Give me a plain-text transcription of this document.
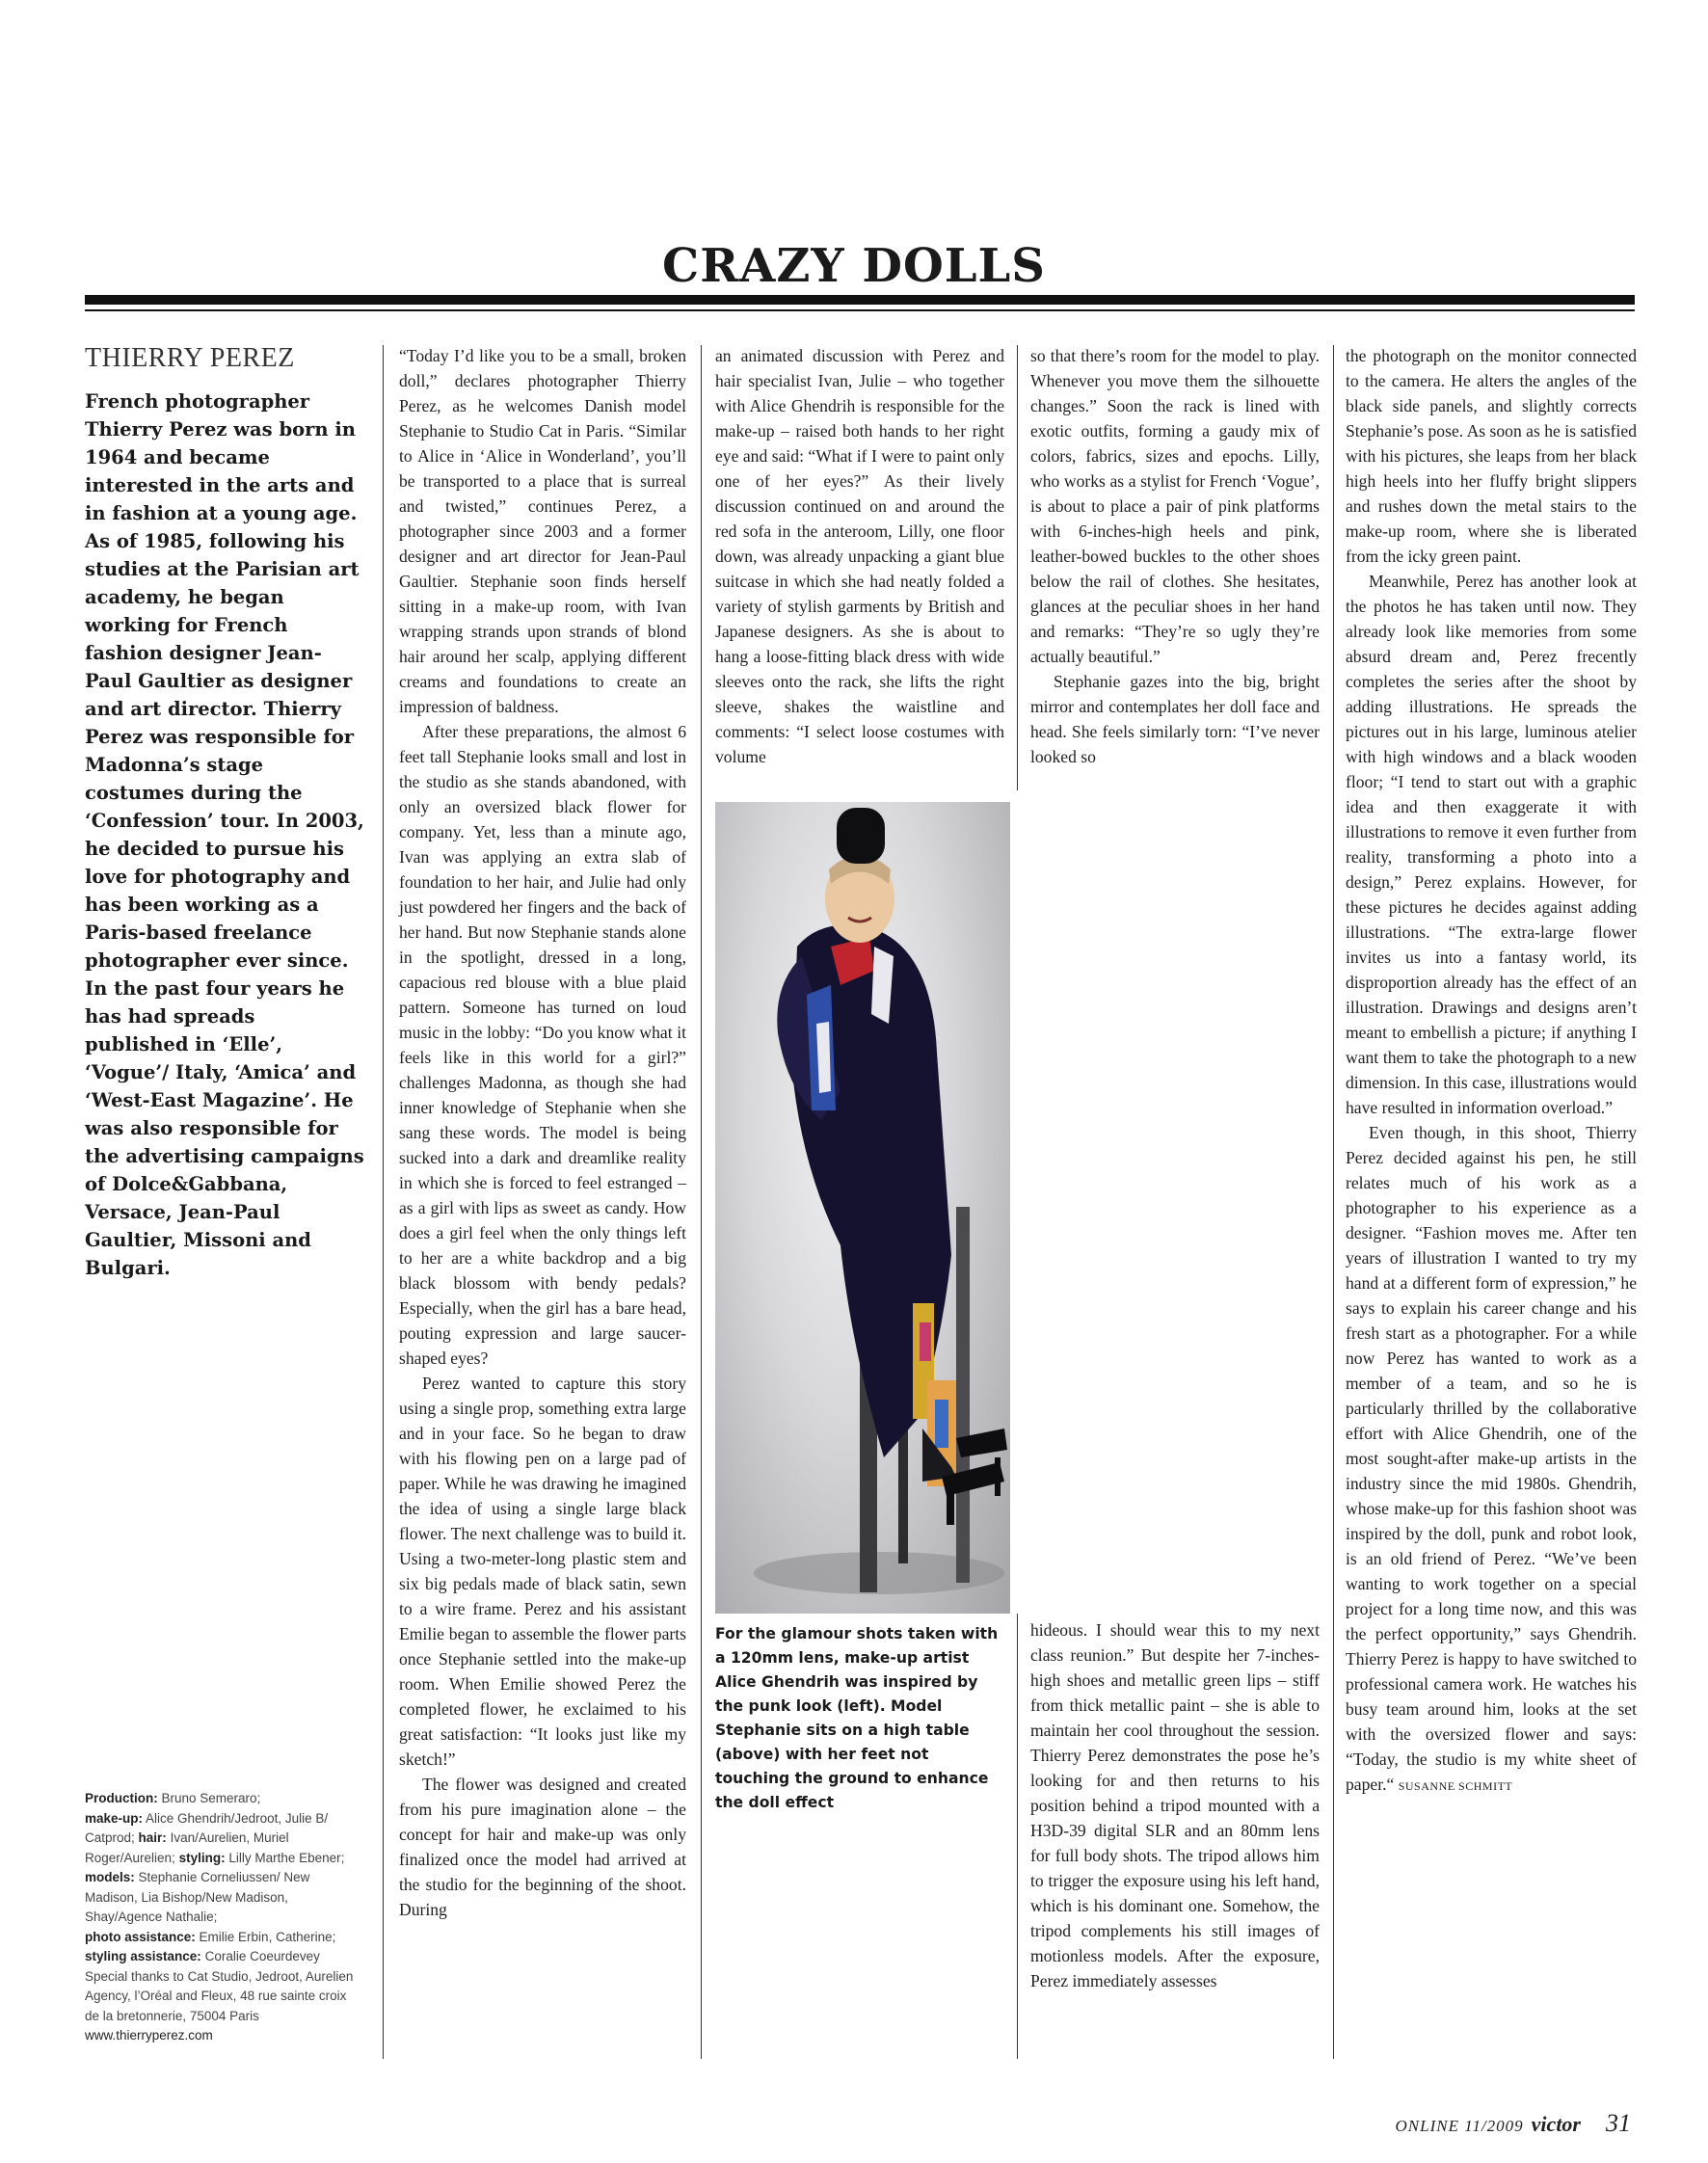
CRAZY DOLLS
THIERRY PEREZ

French photographer Thierry Perez was born in 1964 and became interested in the arts and in fashion at a young age. As of 1985, following his studies at the Parisian art academy, he began working for French fashion designer Jean-Paul Gaultier as designer and art director. Thierry Perez was responsible for Madonna’s stage costumes during the ‘Confession’ tour. In 2003, he decided to pursue his love for photography and has been working as a Paris-based freelance photographer ever since. In the past four years he has had spreads published in ‘Elle’, ‘Vogue’/ Italy, ‘Amica’ and ‘West-East Magazine’. He was also responsible for the advertising campaigns of Dolce&Gabbana, Versace, Jean-Paul Gaultier, Missoni and Bulgari.

Production: Bruno Semeraro;

make-up: Alice Ghendrih/Jedroot, Julie B/ Catprod; hair: Ivan/Aurelien, Muriel Roger/Aurelien; styling: Lilly Marthe Ebener; models: Stephanie Corneliussen/ New Madison, Lia Bishop/New Madison, Shay/Agence Nathalie;

photo assistance: Emilie Erbin, Catherine;

styling assistance: Coralie Coeurdevey

Special thanks to Cat Studio, Jedroot, Aurelien Agency, l’Oréal and Fleux, 48 rue sainte croix de la bretonnerie, 75004 Paris

www.thierryperez.com

“Today I’d like you to be a small, broken doll,” declares photographer Thierry Perez, as he welcomes Danish model Stephanie to Studio Cat in Paris. “Similar to Alice in ‘Alice in Wonderland’, you’ll be transported to a place that is surreal and twisted,” continues Perez, a photographer since 2003 and a former designer and art director for Jean-Paul Gaultier. Stephanie soon finds herself sitting in a make-up room, with Ivan wrapping strands upon strands of blond hair around her scalp, applying different creams and foundations to create an impression of baldness.

After these preparations, the almost 6 feet tall Stephanie looks small and lost in the studio as she stands abandoned, with only an oversized black flower for company. Yet, less than a minute ago, Ivan was applying an extra slab of foundation to her hair, and Julie had only just powdered her fingers and the back of her hand. But now Stephanie stands alone in the spotlight, dressed in a long, capacious red blouse with a blue plaid pattern. Someone has turned on loud music in the lobby: “Do you know what it feels like in this world for a girl?” challenges Madonna, as though she had inner knowledge of Stephanie when she sang these words. The model is being sucked into a dark and dreamlike reality in which she is forced to feel estranged – as a girl with lips as sweet as candy. How does a girl feel when the only things left to her are a white backdrop and a big black blossom with bendy pedals? Especially, when the girl has a bare head, pouting expression and large saucer-shaped eyes?

Perez wanted to capture this story using a single prop, something extra large and in your face. So he began to draw with his flowing pen on a large pad of paper. While he was drawing he imagined the idea of using a single large black flower. The next challenge was to build it. Using a two-meter-long plastic stem and six big pedals made of black satin, sewn to a wire frame. Perez and his assistant Emilie began to assemble the flower parts once Stephanie settled into the make-up room. When Emilie showed Perez the completed flower, he exclaimed to his great satisfaction: “It looks just like my sketch!”

The flower was designed and created from his pure imagination alone – the concept for hair and make-up was only finalized once the model had arrived at the studio for the beginning of the shoot. During

an animated discussion with Perez and hair specialist Ivan, Julie – who together with Alice Ghendrih is responsible for the make-up – raised both hands to her right eye and said: “What if I were to paint only one of her eyes?” As their lively discussion continued on and around the red sofa in the anteroom, Lilly, one floor down, was already unpacking a giant blue suitcase in which she had neatly folded a variety of stylish garments by British and Japanese designers. As she is about to hang a loose-fitting black dress with wide sleeves onto the rack, she lifts the right sleeve, shakes the waistline and comments: “I select loose costumes with volume

so that there’s room for the model to play. Whenever you move them the silhouette changes.” Soon the rack is lined with exotic outfits, forming a gaudy mix of colors, fabrics, sizes and epochs. Lilly, who works as a stylist for French ‘Vogue’, is about to place a pair of pink platforms with 6-inches-high heels and pink, leather-bowed buckles to the other shoes below the rail of clothes. She hesitates, glances at the peculiar shoes in her hand and remarks: “They’re so ugly they’re actually beautiful.”

Stephanie gazes into the big, bright mirror and contemplates her doll face and head. She feels similarly torn: “I’ve never looked so

For the glamour shots taken with a 120mm lens, make-up artist Alice Ghendrih was inspired by the punk look (left). Model Stephanie sits on a high table (above) with her feet not touching the ground to enhance the doll effect

hideous. I should wear this to my next class reunion.” But despite her 7-inches-high shoes and metallic green lips – stiff from thick metallic paint – she is able to maintain her cool throughout the session. Thierry Perez demonstrates the pose he’s looking for and then returns to his position behind a tripod mounted with a H3D-39 digital SLR and an 80mm lens for full body shots. The tripod allows him to trigger the exposure using his left hand, which is his dominant one. Somehow, the tripod complements his still images of motionless models. After the exposure, Perez immediately assesses

the photograph on the monitor connected to the camera. He alters the angles of the black side panels, and slightly corrects Stephanie’s pose. As soon as he is satisfied with his pictures, she leaps from her black high heels into her fluffy bright slippers and rushes down the metal stairs to the make-up room, where she is liberated from the icky green paint.

Meanwhile, Perez has another look at the photos he has taken until now. They already look like memories from some absurd dream and, Perez frecently completes the series after the shoot by adding illustrations. He spreads the pictures out in his large, luminous atelier with high windows and a black wooden floor; “I tend to start out with a graphic idea and then exaggerate it with illustrations to remove it even further from reality, transforming a photo into a design,” Perez explains. However, for these pictures he decides against adding illustrations. “The extra-large flower invites us into a fantasy world, its disproportion already has the effect of an illustration. Drawings and designs aren’t meant to embellish a picture; if anything I want them to take the photograph to a new dimension. In this case, illustrations would have resulted in information overload.”

Even though, in this shoot, Thierry Perez decided against his pen, he still relates much of his work as a photographer to his experience as a designer. “Fashion moves me. After ten years of illustration I wanted to try my hand at a different form of expression,” he says to explain his career change and his fresh start as a photographer. For a while now Perez has wanted to work as a member of a team, and so he is particularly thrilled by the collaborative effort with Alice Ghendrih, one of the most sought-after make-up artists in the industry since the mid 1980s. Ghendrih, whose make-up for this fashion shoot was inspired by the doll, punk and robot look, is an old friend of Perez. “We’ve been wanting to work together on a special project for a long time now, and this was the perfect opportunity,” says Ghendrih. Thierry Perez is happy to have switched to professional camera work. He watches his busy team around him, looks at the set with the oversized flower and says: “Today, the studio is my white sheet of paper.“ SUSANNE SCHMITT

ONLINE 11/2009 victor 31
